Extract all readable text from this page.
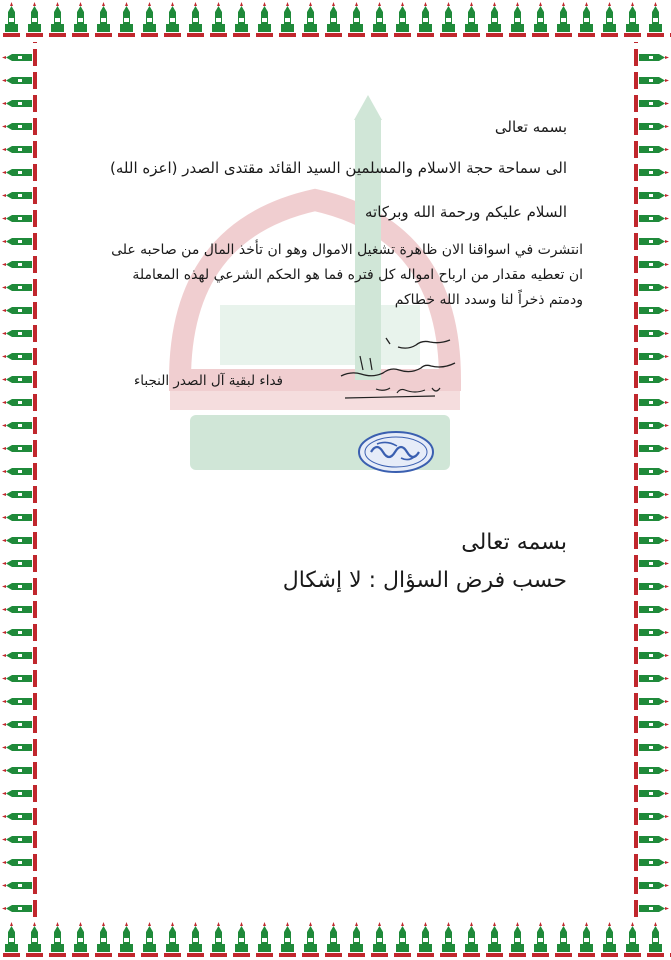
بسمه تعالى
الى سماحة حجة الاسلام والمسلمين السيد القائد مقتدى الصدر (اعزه الله)
السلام عليكم ورحمة الله وبركاته
انتشرت في اسواقنا الان ظاهرة تشغيل الاموال وهو ان تأخذ المال من صاحبه على
ان تعطيه مقدار من ارباح امواله كل فتره فما هو الحكم الشرعي لهذه المعاملة
ودمتم ذخراً لنا وسدد الله خطاكم
فداء لبقية آل الصدر النجباء
بسمه تعالى
حسب فرض السؤال : لا إشكال
